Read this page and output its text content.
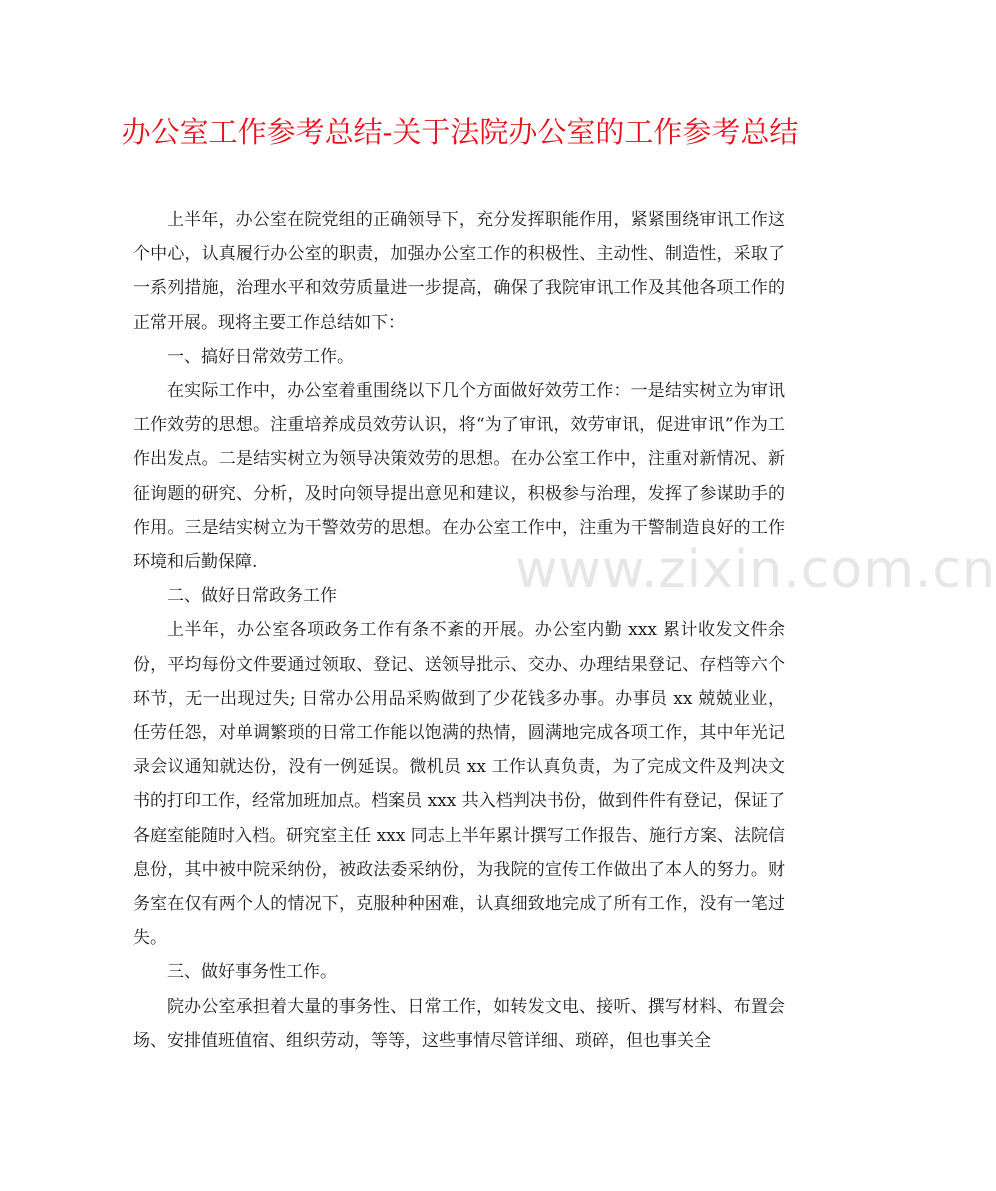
办公室工作参考总结-关于法院办公室的工作参考总结

上半年，办公室在院党组的正确领导下，充分发挥职能作用，紧紧围绕审讯工作这个中心，认真履行办公室的职责，加强办公室工作的积极性、主动性、制造性，采取了一系列措施，治理水平和效劳质量进一步提高，确保了我院审讯工作及其他各项工作的正常开展。现将主要工作总结如下：

一、搞好日常效劳工作。

在实际工作中，办公室着重围绕以下几个方面做好效劳工作：一是结实树立为审讯工作效劳的思想。注重培养成员效劳认识，将“为了审讯，效劳审讯，促进审讯”作为工作出发点。二是结实树立为领导决策效劳的思想。在办公室工作中，注重对新情况、新征询题的研究、分析，及时向领导提出意见和建议，积极参与治理，发挥了参谋助手的作用。三是结实树立为干警效劳的思想。在办公室工作中，注重为干警制造良好的工作环境和后勤保障.

二、做好日常政务工作

上半年，办公室各项政务工作有条不紊的开展。办公室内勤 xxx 累计收发文件余份，平均每份文件要通过领取、登记、送领导批示、交办、办理结果登记、存档等六个环节，无一出现过失; 日常办公用品采购做到了少花钱多办事。办事员 xx 兢兢业业，任劳任怨，对单调繁琐的日常工作能以饱满的热情，圆满地完成各项工作，其中年光记录会议通知就达份，没有一例延误。微机员 xx 工作认真负责，为了完成文件及判决文书的打印工作，经常加班加点。档案员 xxx 共入档判决书份，做到件件有登记，保证了各庭室能随时入档。研究室主任 xxx 同志上半年累计撰写工作报告、施行方案、法院信息份，其中被中院采纳份，被政法委采纳份，为我院的宣传工作做出了本人的努力。财务室在仅有两个人的情况下，克服种种困难，认真细致地完成了所有工作，没有一笔过失。

三、做好事务性工作。

院办公室承担着大量的事务性、日常工作，如转发文电、接听、撰写材料、布置会场、安排值班值宿、组织劳动，等等，这些事情尽管详细、琐碎，但也事关全

www.zixin.com.cn
